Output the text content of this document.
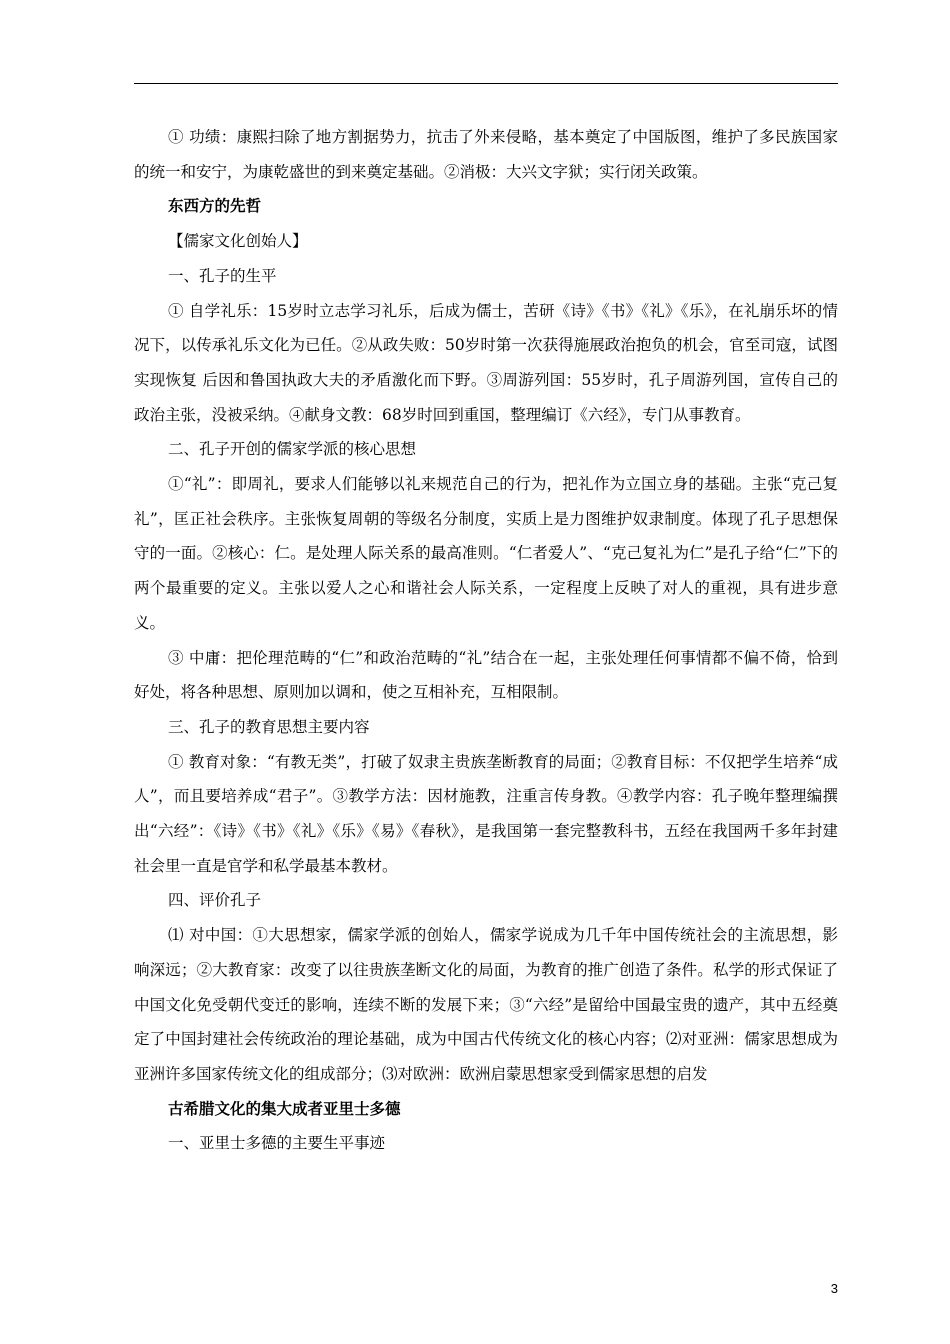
① 功绩：康熙扫除了地方割据势力，抗击了外来侵略，基本奠定了中国版图，维护了多民族国家的统一和安宁，为康乾盛世的到来奠定基础。②消极：大兴文字狱；实行闭关政策。
东西方的先哲
【儒家文化创始人】
一、孔子的生平
① 自学礼乐：15岁时立志学习礼乐，后成为儒士，苦研《诗》《书》《礼》《乐》，在礼崩乐坏的情况下，以传承礼乐文化为已任。②从政失败：50岁时第一次获得施展政治抱负的机会，官至司寇，试图实现恢复 后因和鲁国执政大夫的矛盾激化而下野。③周游列国：55岁时，孔子周游列国，宣传自己的政治主张，没被采纳。④献身文教：68岁时回到重国，整理编订《六经》，专门从事教育。
二、孔子开创的儒家学派的核心思想
①“礼”：即周礼，要求人们能够以礼来规范自己的行为，把礼作为立国立身的基础。主张“克己复礼”，匡正社会秩序。主张恢复周朝的等级名分制度，实质上是力图维护奴隶制度。体现了孔子思想保守的一面。②核心：仁。是处理人际关系的最高准则。“仁者爱人”、“克己复礼为仁”是孔子给“仁”下的两个最重要的定义。主张以爱人之心和谐社会人际关系，一定程度上反映了对人的重视，具有进步意义。
③ 中庸：把伦理范畴的“仁”和政治范畴的“礼”结合在一起，主张处理任何事情都不偏不倚，恰到好处，将各种思想、原则加以调和，使之互相补充，互相限制。
三、孔子的教育思想主要内容
① 教育对象：“有教无类”，打破了奴隶主贵族垄断教育的局面；②教育目标：不仅把学生培养“成人”，而且要培养成“君子”。③教学方法：因材施教，注重言传身教。④教学内容：孔子晚年整理编撰出“六经”：《诗》《书》《礼》《乐》《易》《春秋》，是我国第一套完整教科书，五经在我国两千多年封建社会里一直是官学和私学最基本教材。
四、评价孔子
⑴ 对中国：①大思想家，儒家学派的创始人，儒家学说成为几千年中国传统社会的主流思想，影响深远；②大教育家：改变了以往贵族垄断文化的局面，为教育的推广创造了条件。私学的形式保证了中国文化免受朝代变迁的影响，连续不断的发展下来；③“六经”是留给中国最宝贵的遗产，其中五经奠定了中国封建社会传统政治的理论基础，成为中国古代传统文化的核心内容；⑵对亚洲：儒家思想成为亚洲许多国家传统文化的组成部分；⑶对欧洲：欧洲启蒙思想家受到儒家思想的启发
古希腊文化的集大成者亚里士多德
一、亚里士多德的主要生平事迹
3
